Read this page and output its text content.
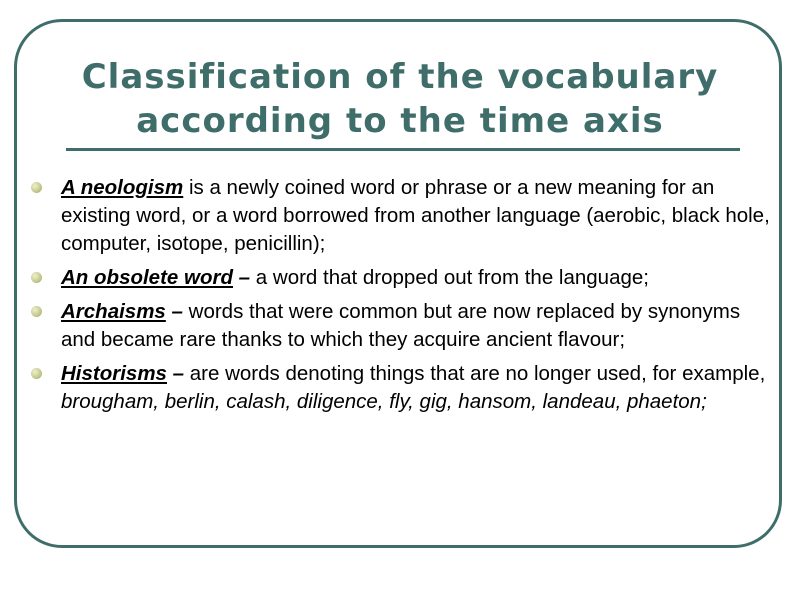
Classification of the vocabulary according to the time axis
A neologism is a newly coined word or phrase or a new meaning for an existing word, or a word borrowed from another language (aerobic, black hole, computer, isotope, penicillin);
An obsolete word – a word that dropped out from the language;
Archaisms – words that were common but are now replaced by synonyms and became rare thanks to which they acquire ancient flavour;
Historisms – are words denoting things that are no longer used, for example, brougham, berlin, calash, diligence, fly, gig, hansom, landeau, phaeton;
